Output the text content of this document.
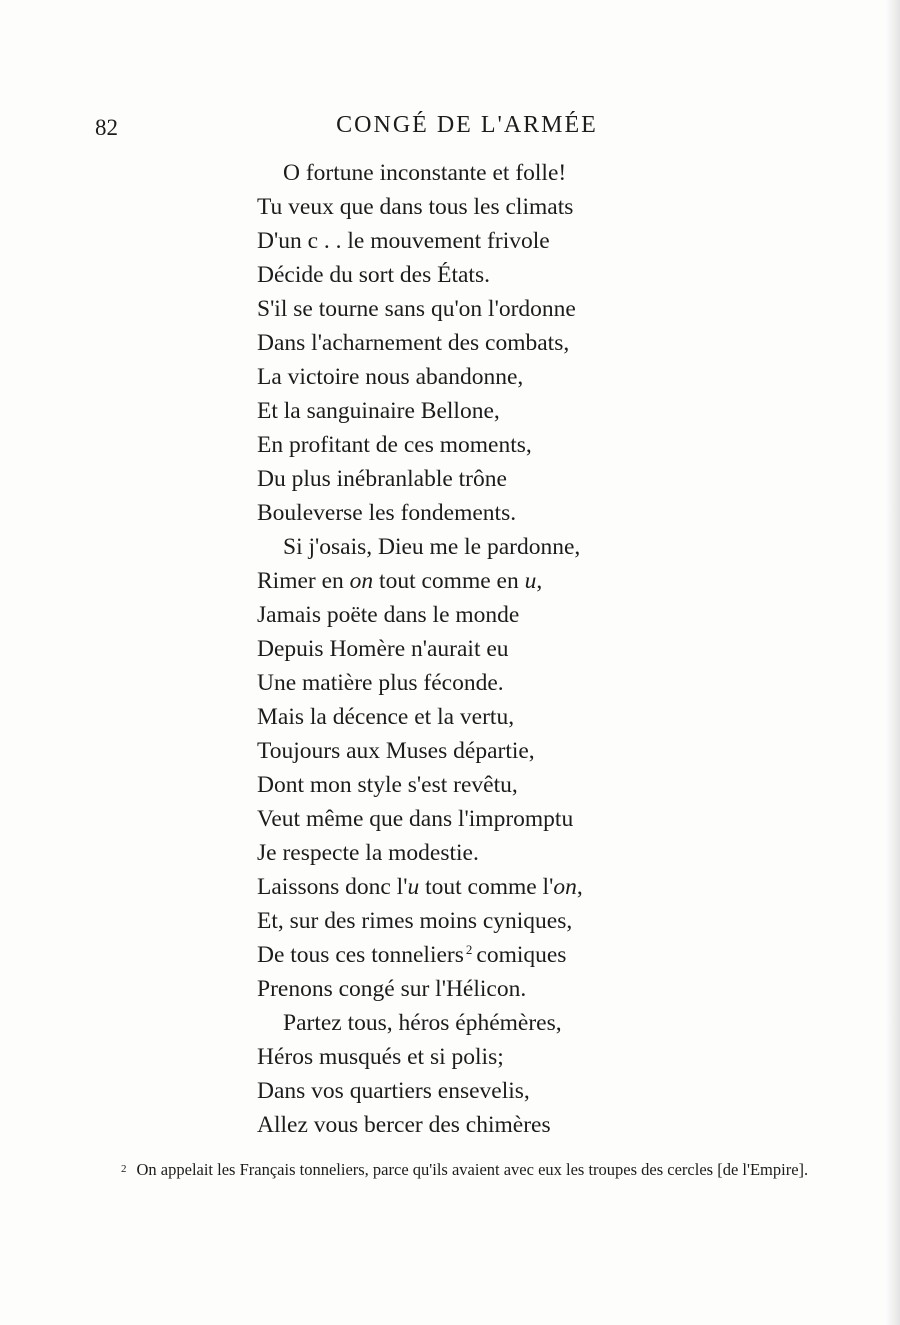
82	CONGÉ DE L'ARMÉE
O fortune inconstante et folle!
Tu veux que dans tous les climats
D'un c . . le mouvement frivole
Décide du sort des États.
S'il se tourne sans qu'on l'ordonne
Dans l'acharnement des combats,
La victoire nous abandonne,
Et la sanguinaire Bellone,
En profitant de ces moments,
Du plus inébranlable trône
Bouleverse les fondements.
Si j'osais, Dieu me le pardonne,
Rimer en on tout comme en u,
Jamais poëte dans le monde
Depuis Homère n'aurait eu
Une matière plus féconde.
Mais la décence et la vertu,
Toujours aux Muses départie,
Dont mon style s'est revêtu,
Veut même que dans l'impromptu
Je respecte la modestie.
Laissons donc l'u tout comme l'on,
Et, sur des rimes moins cyniques,
De tous ces tonneliers $^2$ comiques
Prenons congé sur l'Hélicon.
Partez tous, héros éphémères,
Héros musqués et si polis;
Dans vos quartiers ensevelis,
Allez vous bercer des chimères
2 On appelait les Français tonneliers, parce qu'ils avaient avec eux les troupes des cercles [de l'Empire].
